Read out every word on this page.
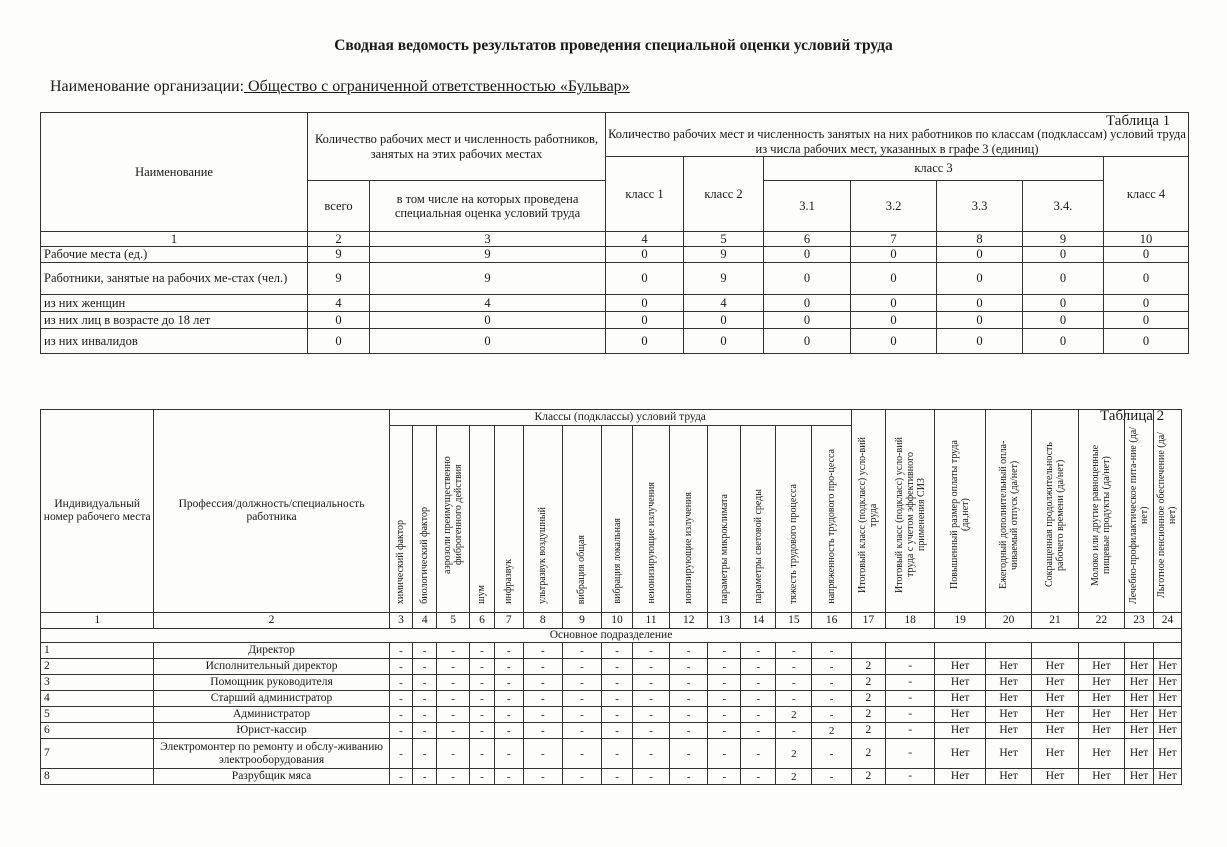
Сводная ведомость результатов проведения специальной оценки условий труда
Наименование организации: Общество с ограниченной ответственностью «Бульвар»
Таблица 1
Наименование	Количество рабочих мест и численность работников, занятых на этих рабочих местах		Количество рабочих мест и численность занятых на них работников по классам (подклассам) условий труда из числа рабочих мест, указанных в графе 3 (единиц)						
			класс 1	класс 2	класс 3				класс 4
	всего	в том числе на которых проведена специальная оценка условий труда			3.1	3.2	3.3	3.4.	
1	2	3	4	5	6	7	8	9	10
Рабочие места (ед.)	9	9	0	9	0	0	0	0	0
Работники, занятые на рабочих ме-стах (чел.)	9	9	0	9	0	0	0	0	0
из них женщин	4	4	0	4	0	0	0	0	0
из них лиц в возрасте до 18 лет	0	0	0	0	0	0	0	0	0
из них инвалидов	0	0	0	0	0	0	0	0	0
Таблица 2
Индивидуальный номер рабочего места	Профессия/должность/специальность работника	Классы (подклассы) условий труда														Итоговый класс (подкласс) усло-вий труда	Итоговый класс (подкласс) усло-вий труда с учетом эффективного применения СИЗ	Повышенный размер оплаты труда (да,нет)	Ежегодный дополнительный опла-чиваемый отпуск (да/нет)	Сокращенная продолжительность рабочего времени (да/нет)	Молоко или другие равноценные пищевые продукты (да/нет)	Лечебно-профилактическое пита-ние (да/нет)	Льготное пенсионное обеспечение (да/нет)
		химический фактор	биологический фактор	аэрозоли преимущественно фиброгенного действия	шум	инфразвук	ультразвук воздушный	вибрация общая	вибрация локальная	неионизирующие излучения	ионизирующие излучения	параметры микроклимата	параметры световой среды	тяжесть трудового процесса	напряженность трудового про-цесса								
1	2	3	4	5	6	7	8	9	10	11	12	13	14	15	16	17	18	19	20	21	22	23	24
Основное подразделение																							
1	Директор	-	-	-	-	-	-	-	-	-	-	-	-	-	-								
2	Исполнительный директор	-	-	-	-	-	-	-	-	-	-	-	-	-	-	2	-	Нет	Нет	Нет	Нет	Нет	Нет
3	Помощник руководителя	-	-	-	-	-	-	-	-	-	-	-	-	-	-	2	-	Нет	Нет	Нет	Нет	Нет	Нет
4	Старший администратор	-	-	-	-	-	-	-	-	-	-	-	-	-	-	2	-	Нет	Нет	Нет	Нет	Нет	Нет
5	Администратор	-	-	-	-	-	-	-	-	-	-	-	-	2	-	2	-	Нет	Нет	Нет	Нет	Нет	Нет
6	Юрист-кассир	-	-	-	-	-	-	-	-	-	-	-	-	-	2	2	-	Нет	Нет	Нет	Нет	Нет	Нет
7	Электромонтер по ремонту и обслу-живанию электрооборудования	-	-	-	-	-	-	-	-	-	-	-	-	2	-	2	-	Нет	Нет	Нет	Нет	Нет	Нет
8	Разрубщик мяса	-	-	-	-	-	-	-	-	-	-	-	-	2	-	2	-	Нет	Нет	Нет	Нет	Нет	Нет
